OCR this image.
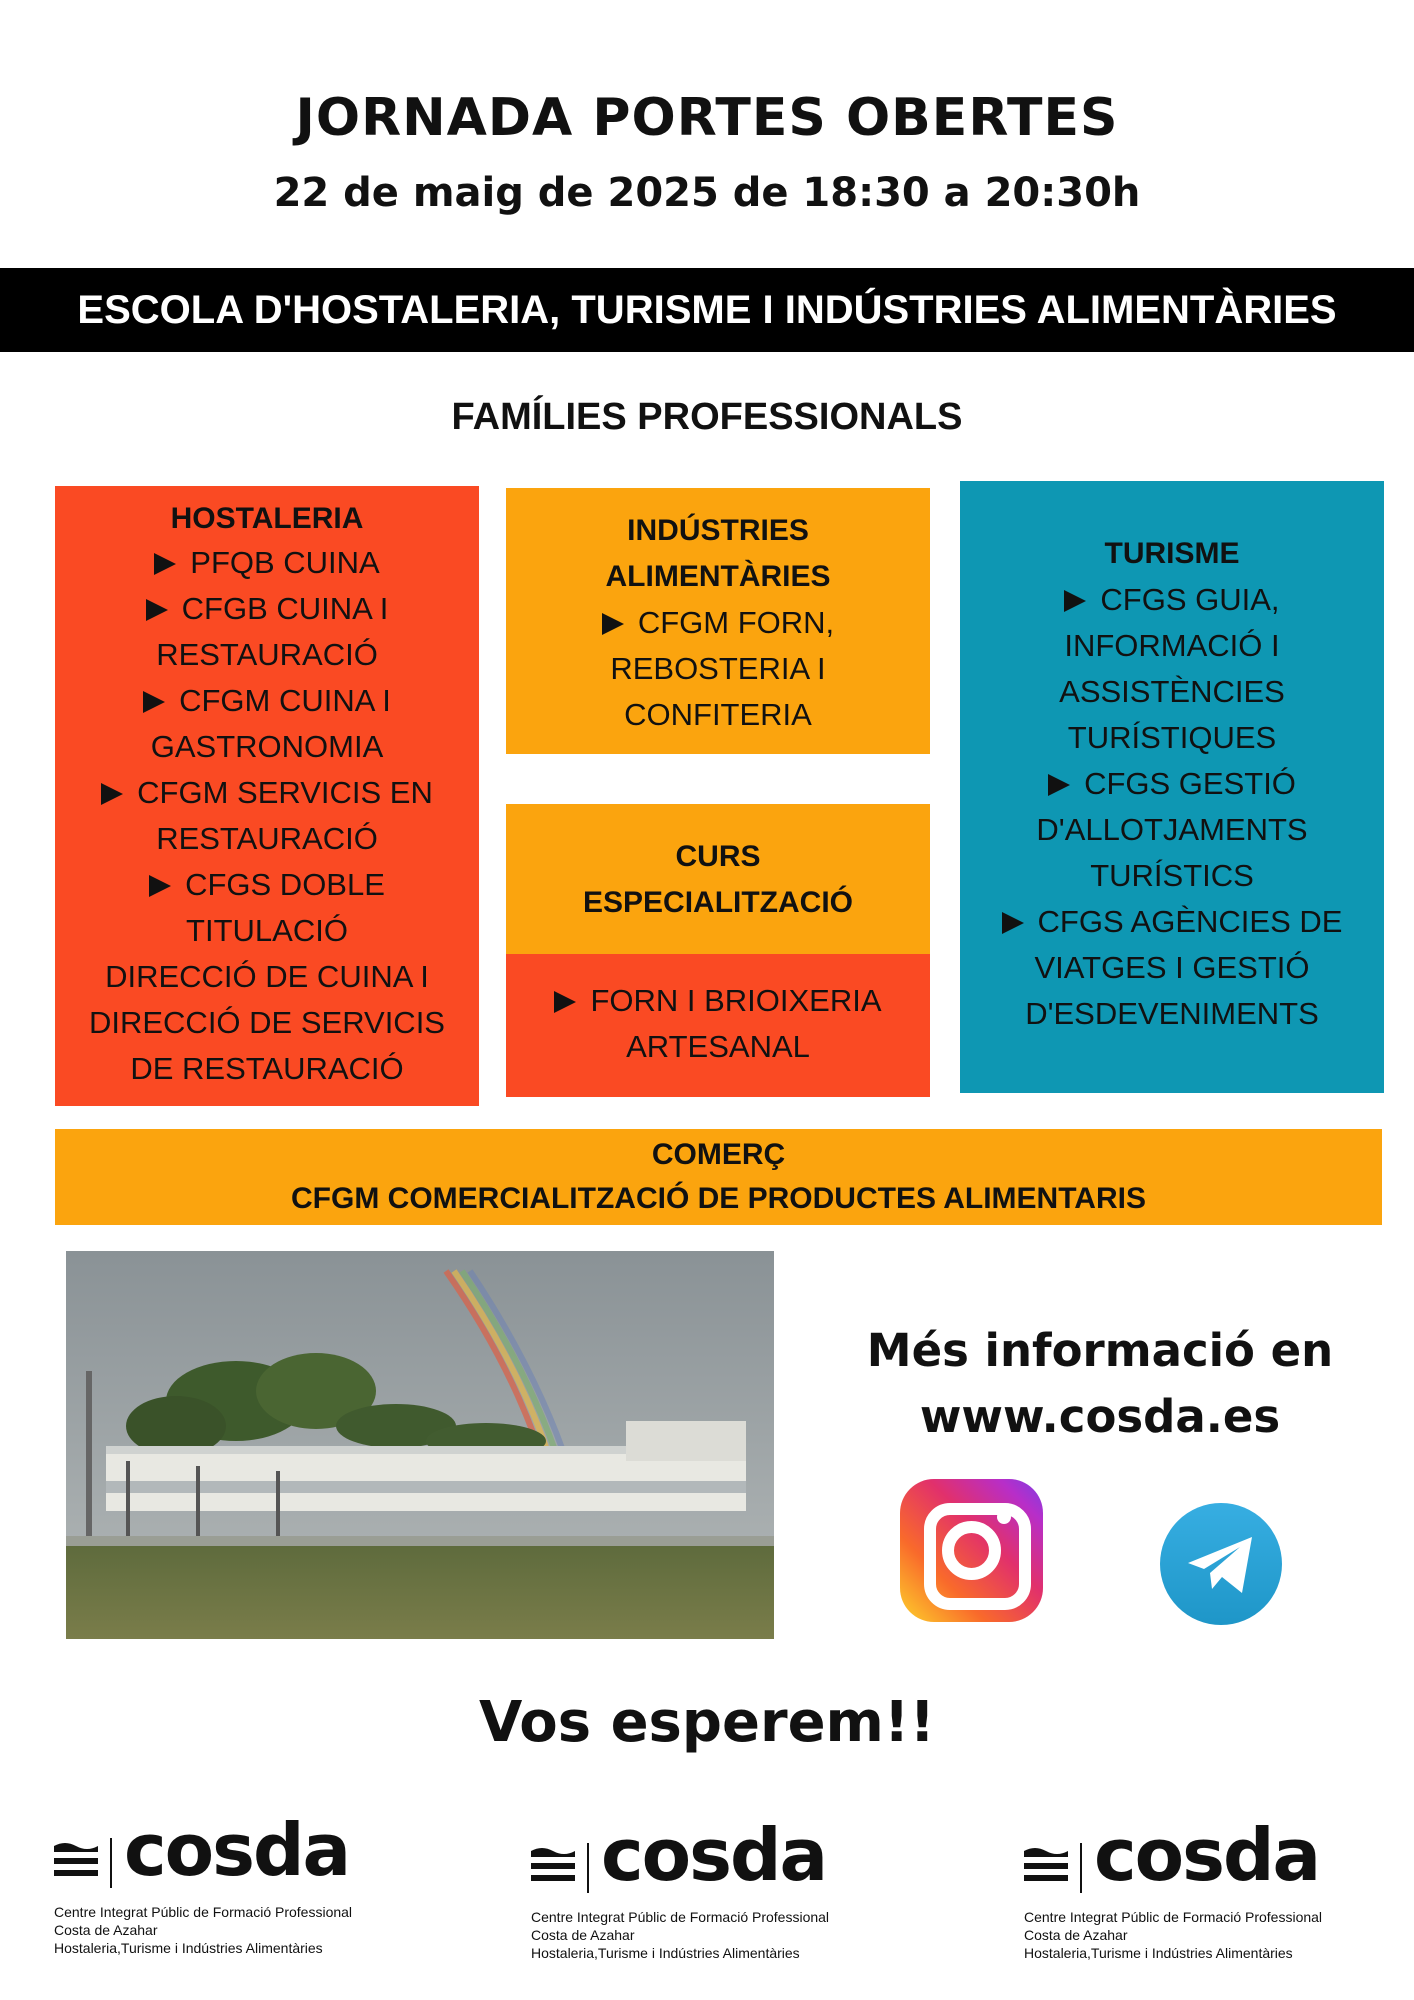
JORNADA PORTES OBERTES
22 de maig de 2025 de 18:30 a 20:30h
ESCOLA D'HOSTALERIA, TURISME I INDÚSTRIES ALIMENTÀRIES
FAMÍLIES PROFESSIONALS
HOSTALERIA
PFQB CUINA
CFGB CUINA I
RESTAURACIÓ
CFGM CUINA I
GASTRONOMIA
CFGM SERVICIS EN
RESTAURACIÓ
CFGS DOBLE
TITULACIÓ
DIRECCIÓ DE CUINA I
DIRECCIÓ DE SERVICIS
DE RESTAURACIÓ
INDÚSTRIES
ALIMENTÀRIES
CFGM FORN,
REBOSTERIA I
CONFITERIA
CURS
ESPECIALITZACIÓ
FORN I BRIOIXERIA
ARTESANAL
TURISME
CFGS GUIA,
INFORMACIÓ I
ASSISTÈNCIES
TURÍSTIQUES
CFGS GESTIÓ
D'ALLOTJAMENTS
TURÍSTICS
CFGS AGÈNCIES DE
VIATGES I GESTIÓ
D'ESDEVENIMENTS
COMERÇ
CFGM COMERCIALITZACIÓ DE PRODUCTES ALIMENTARIS
Més informació en
www.cosda.es
Vos esperem!!
cosda
Centre Integrat Públic de Formació Professional
Costa de Azahar
Hostaleria,Turisme i Indústries Alimentàries
cosda
Centre Integrat Públic de Formació Professional
Costa de Azahar
Hostaleria,Turisme i Indústries Alimentàries
cosda
Centre Integrat Públic de Formació Professional
Costa de Azahar
Hostaleria,Turisme i Indústries Alimentàries
